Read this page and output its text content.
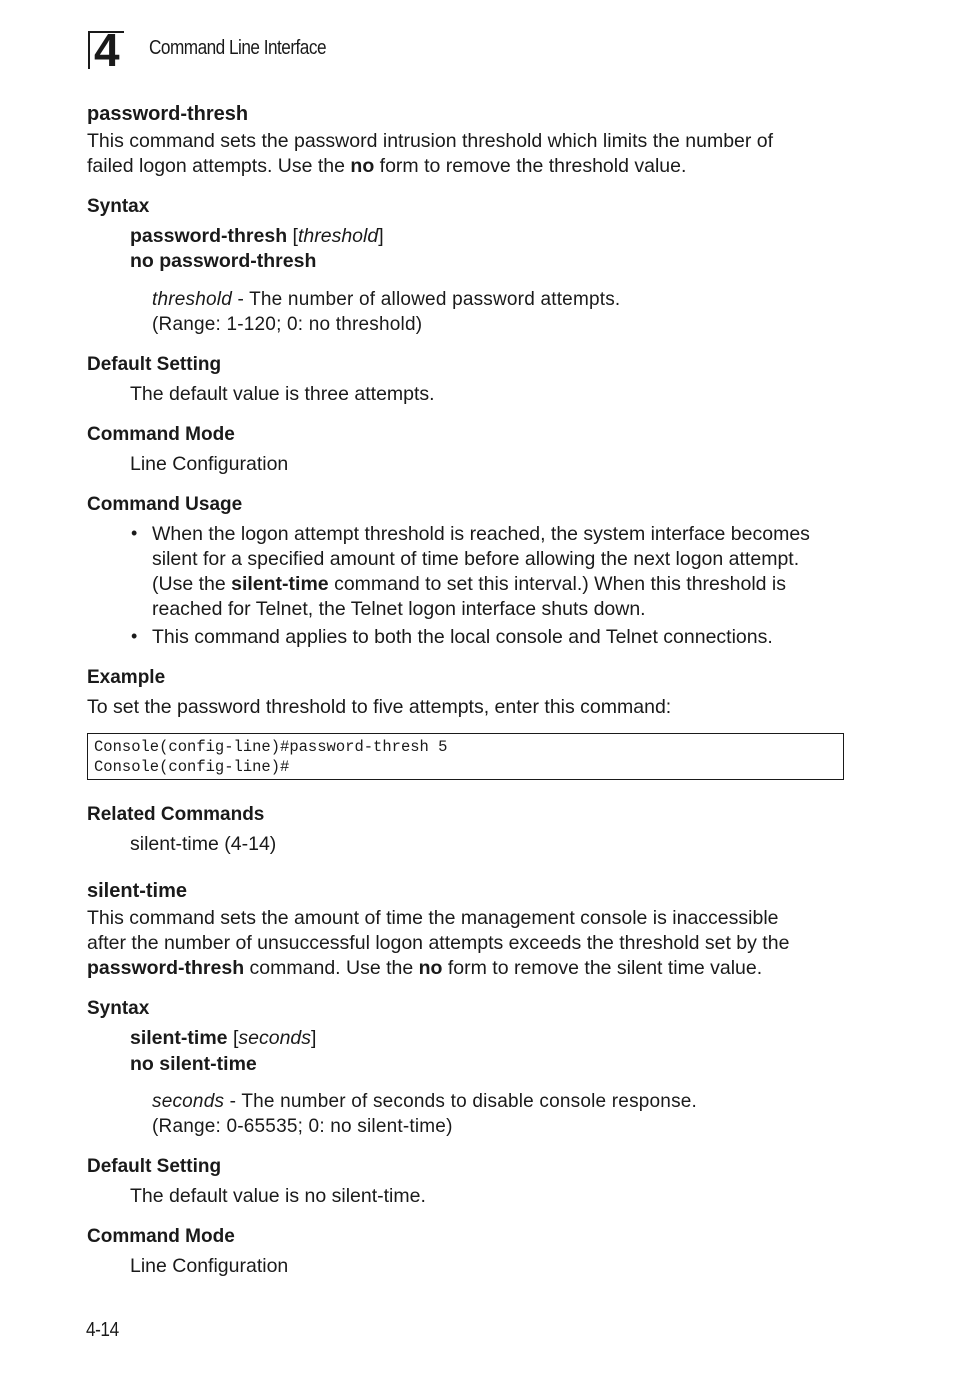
4 Command Line Interface
password-thresh
This command sets the password intrusion threshold which limits the number of
failed logon attempts. Use the no form to remove the threshold value.
Syntax
password-thresh [threshold]
no password-thresh
threshold - The number of allowed password attempts.
(Range: 1-120; 0: no threshold)
Default Setting
The default value is three attempts.
Command Mode
Line Configuration
Command Usage
• When the logon attempt threshold is reached, the system interface becomes
silent for a specified amount of time before allowing the next logon attempt.
(Use the silent-time command to set this interval.) When this threshold is
reached for Telnet, the Telnet logon interface shuts down.
• This command applies to both the local console and Telnet connections.
Example
To set the password threshold to five attempts, enter this command:
Console(config-line)#password-thresh 5
Console(config-line)#
Related Commands
silent-time (4-14)
silent-time
This command sets the amount of time the management console is inaccessible
after the number of unsuccessful logon attempts exceeds the threshold set by the
password-thresh command. Use the no form to remove the silent time value.
Syntax
silent-time [seconds]
no silent-time
seconds - The number of seconds to disable console response.
(Range: 0-65535; 0: no silent-time)
Default Setting
The default value is no silent-time.
Command Mode
Line Configuration
4-14
